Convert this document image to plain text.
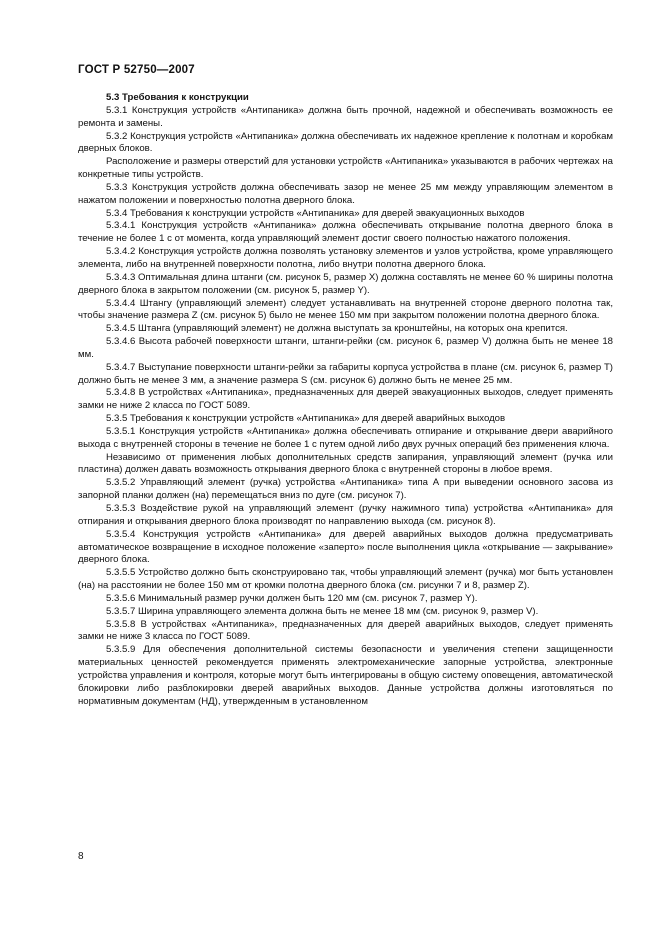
ГОСТ Р 52750—2007

5.3 Требования к конструкции

5.3.1 Конструкция устройств «Антипаника» должна быть прочной, надежной и обеспечивать возможность ее ремонта и замены.

5.3.2 Конструкция устройств «Антипаника» должна обеспечивать их надежное крепление к полотнам и коробкам дверных блоков.

Расположение и размеры отверстий для установки устройств «Антипаника» указываются в рабочих чертежах на конкретные типы устройств.

5.3.3 Конструкция устройств должна обеспечивать зазор не менее 25 мм между управляющим элементом в нажатом положении и поверхностью полотна дверного блока.

5.3.4 Требования к конструкции устройств «Антипаника» для дверей эвакуационных выходов

5.3.4.1 Конструкция устройств «Антипаника» должна обеспечивать открывание полотна дверного блока в течение не более 1 с от момента, когда управляющий элемент достиг своего полностью нажатого положения.

5.3.4.2 Конструкция устройств должна позволять установку элементов и узлов устройства, кроме управляющего элемента, либо на внутренней поверхности полотна, либо внутри полотна дверного блока.

5.3.4.3 Оптимальная длина штанги (см. рисунок 5, размер X) должна составлять не менее 60 % ширины полотна дверного блока в закрытом положении (см. рисунок 5, размер Y).

5.3.4.4 Штангу (управляющий элемент) следует устанавливать на внутренней стороне дверного полотна так, чтобы значение размера Z (см. рисунок 5) было не менее 150 мм при закрытом положении полотна дверного блока.

5.3.4.5 Штанга (управляющий элемент) не должна выступать за кронштейны, на которых она крепится.

5.3.4.6 Высота рабочей поверхности штанги, штанги-рейки (см. рисунок 6, размер V) должна быть не менее 18 мм.

5.3.4.7 Выступание поверхности штанги-рейки за габариты корпуса устройства в плане (см. рисунок 6, размер T) должно быть не менее 3 мм, а значение размера S (см. рисунок 6) должно быть не менее 25 мм.

5.3.4.8 В устройствах «Антипаника», предназначенных для дверей эвакуационных выходов, следует применять замки не ниже 2 класса по ГОСТ 5089.

5.3.5 Требования к конструкции устройств «Антипаника» для дверей аварийных выходов

5.3.5.1 Конструкция устройств «Антипаника» должна обеспечивать отпирание и открывание двери аварийного выхода с внутренней стороны в течение не более 1 с путем одной либо двух ручных операций без применения ключа.

Независимо от применения любых дополнительных средств запирания, управляющий элемент (ручка или пластина) должен давать возможность открывания дверного блока с внутренней стороны в любое время.

5.3.5.2 Управляющий элемент (ручка) устройства «Антипаника» типа А при выведении основного засова из запорной планки должен (на) перемещаться вниз по дуге (см. рисунок 7).

5.3.5.3 Воздействие рукой на управляющий элемент (ручку нажимного типа) устройства «Антипаника» для отпирания и открывания дверного блока производят по направлению выхода (см. рисунок 8).

5.3.5.4 Конструкция устройств «Антипаника» для дверей аварийных выходов должна предусматривать автоматическое возвращение в исходное положение «заперто» после выполнения цикла «открывание — закрывание» дверного блока.

5.3.5.5 Устройство должно быть сконструировано так, чтобы управляющий элемент (ручка) мог быть установлен (на) на расстоянии не более 150 мм от кромки полотна дверного блока (см. рисунки 7 и 8, размер Z).

5.3.5.6 Минимальный размер ручки должен быть 120 мм (см. рисунок 7, размер Y).

5.3.5.7 Ширина управляющего элемента должна быть не менее 18 мм (см. рисунок 9, размер V).

5.3.5.8 В устройствах «Антипаника», предназначенных для дверей аварийных выходов, следует применять замки не ниже 3 класса по ГОСТ 5089.

5.3.5.9 Для обеспечения дополнительной системы безопасности и увеличения степени защищенности материальных ценностей рекомендуется применять электромеханические запорные устройства, электронные устройства управления и контроля, которые могут быть интегрированы в общую систему оповещения, автоматической блокировки либо разблокировки дверей аварийных выходов. Данные устройства должны изготовляться по нормативным документам (НД), утвержденным в установленном

8
